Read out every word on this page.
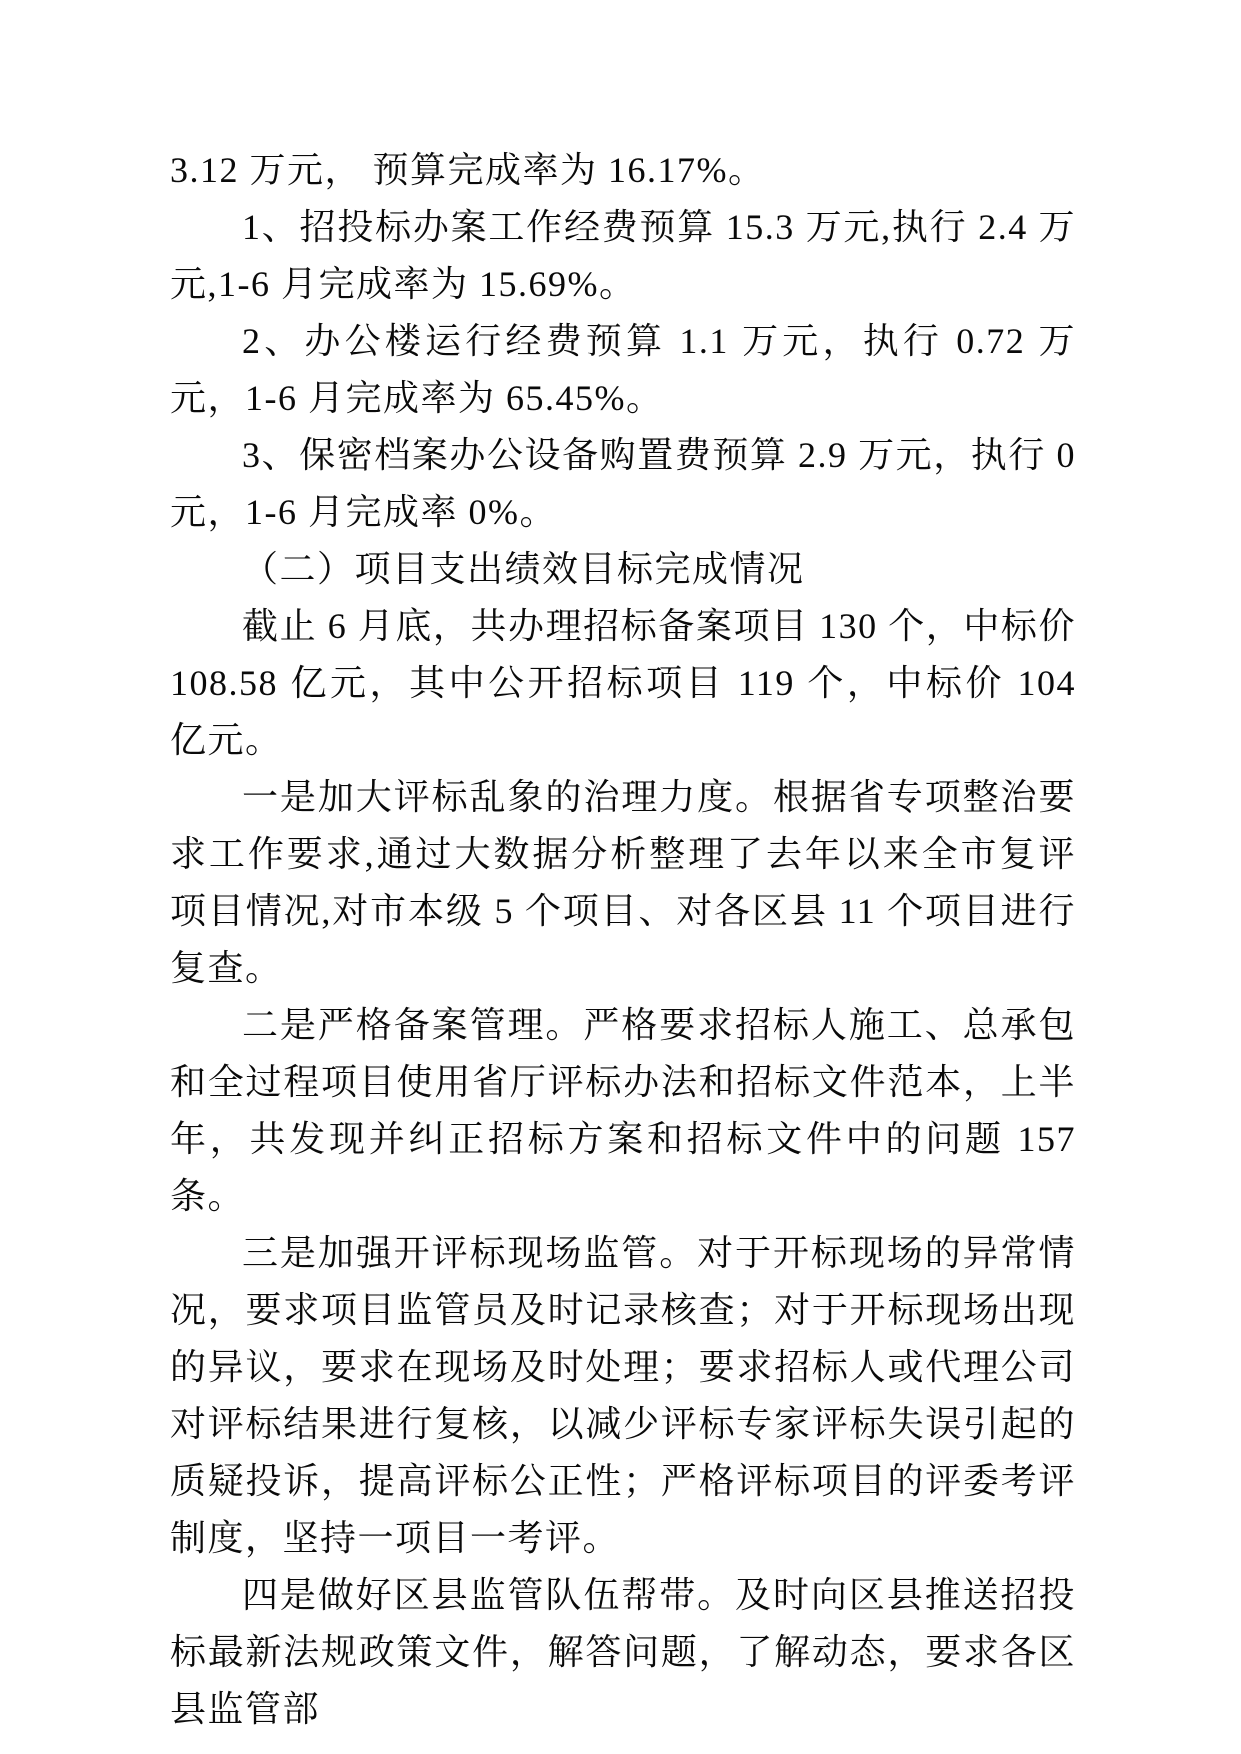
3.12 万元， 预算完成率为 16.17%。

1、招投标办案工作经费预算 15.3 万元,执行 2.4 万元,1-6 月完成率为 15.69%。

2、办公楼运行经费预算 1.1 万元，执行 0.72 万元，1-6 月完成率为 65.45%。

3、保密档案办公设备购置费预算 2.9 万元，执行 0 元，1-6 月完成率 0%。

（二）项目支出绩效目标完成情况

截止 6 月底，共办理招标备案项目 130 个，中标价 108.58 亿元，其中公开招标项目 119 个，中标价 104 亿元。

一是加大评标乱象的治理力度。根据省专项整治要求工作要求,通过大数据分析整理了去年以来全市复评项目情况,对市本级 5 个项目、对各区县 11 个项目进行复查。

二是严格备案管理。严格要求招标人施工、总承包和全过程项目使用省厅评标办法和招标文件范本，上半年，共发现并纠正招标方案和招标文件中的问题 157 条。

三是加强开评标现场监管。对于开标现场的异常情况，要求项目监管员及时记录核查；对于开标现场出现的异议，要求在现场及时处理；要求招标人或代理公司对评标结果进行复核，以减少评标专家评标失误引起的质疑投诉，提高评标公正性；严格评标项目的评委考评制度，坚持一项目一考评。

四是做好区县监管队伍帮带。及时向区县推送招投标最新法规政策文件，解答问题，了解动态，要求各区县监管部
